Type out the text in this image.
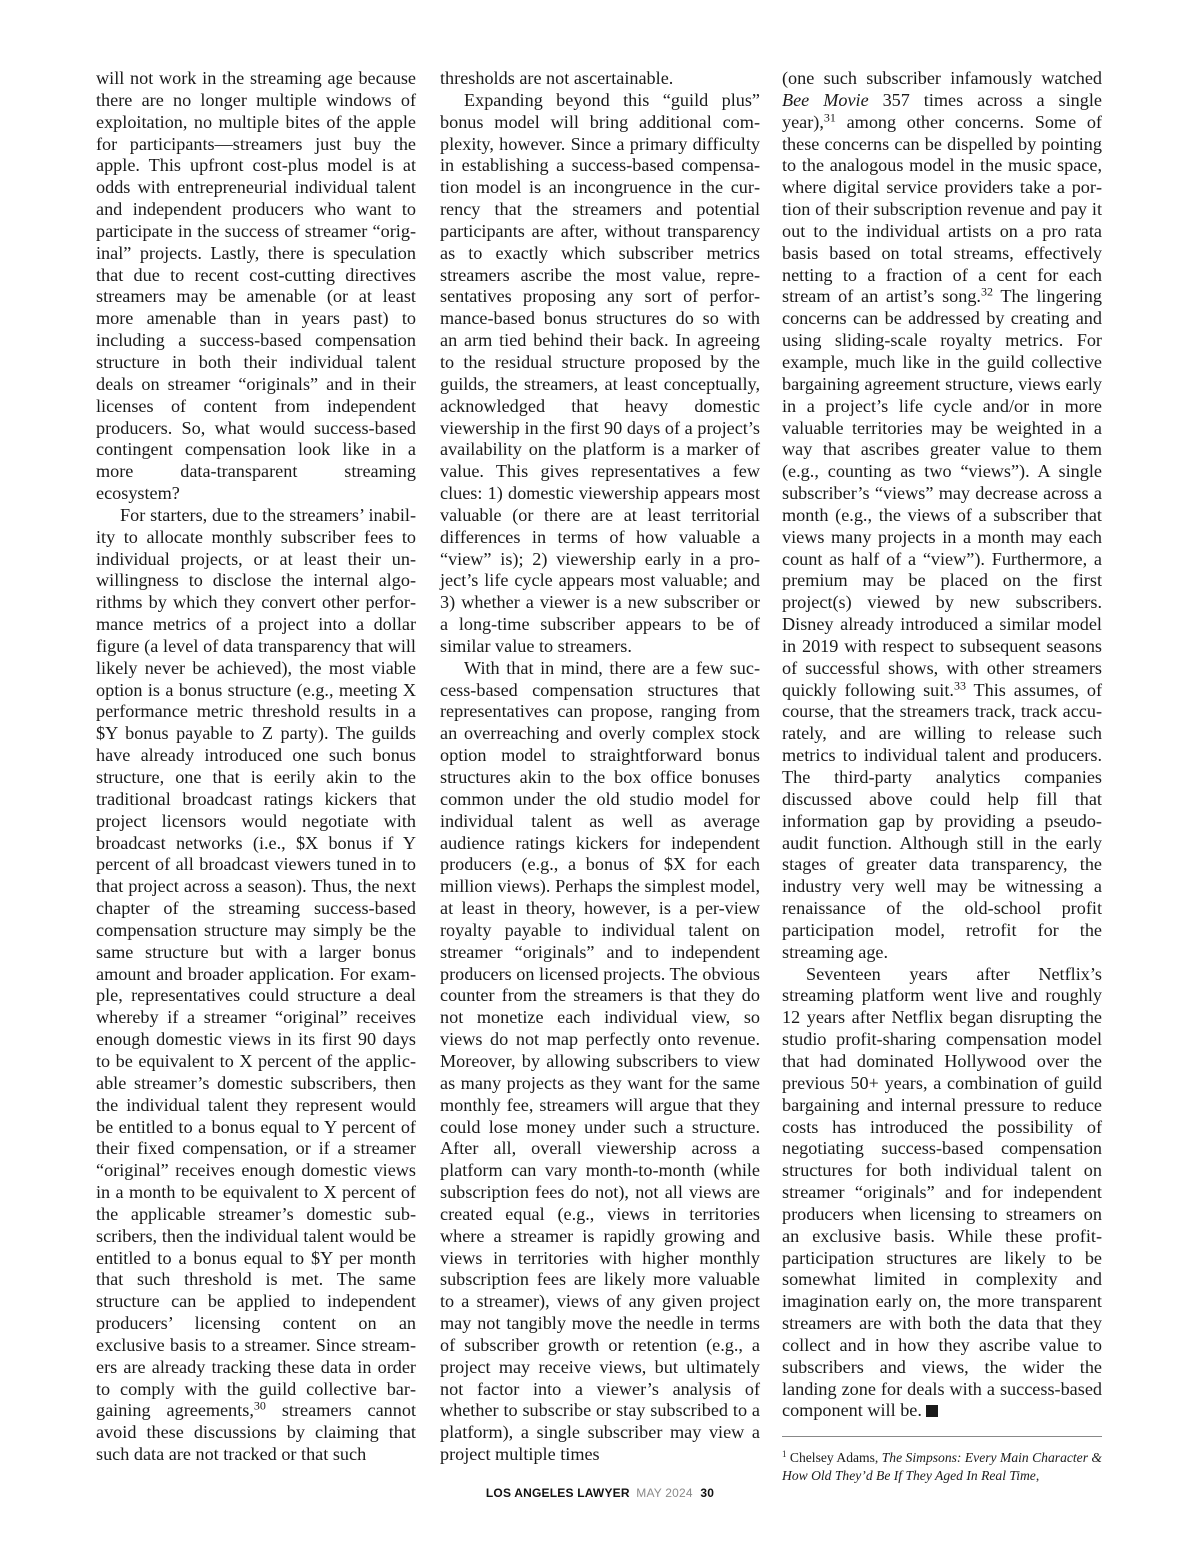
will not work in the streaming age because there are no longer multiple windows of exploitation, no multiple bites of the apple for participants—streamers just buy the apple. This upfront cost-plus model is at odds with entrepreneurial individual talent and independent producers who want to participate in the success of streamer “original” projects. Lastly, there is speculation that due to recent cost-cutting directives streamers may be amenable (or at least more amenable than in years past) to including a success-based compensation structure in both their individual talent deals on streamer “originals” and in their licenses of content from independent producers. So, what would success-based contingent compensation look like in a more data-transparent streaming ecosystem?

For starters, due to the streamers’ inability to allocate monthly subscriber fees to individual projects, or at least their unwillingness to disclose the internal algorithms by which they convert other performance metrics of a project into a dollar figure (a level of data transparency that will likely never be achieved), the most viable option is a bonus structure (e.g., meeting X performance metric threshold results in a $Y bonus payable to Z party). The guilds have already introduced one such bonus structure, one that is eerily akin to the traditional broadcast ratings kickers that project licensors would negotiate with broadcast networks (i.e., $X bonus if Y percent of all broadcast viewers tuned in to that project across a season). Thus, the next chapter of the streaming success-based compensation structure may simply be the same structure but with a larger bonus amount and broader application. For example, representatives could structure a deal whereby if a streamer “original” receives enough domestic views in its first 90 days to be equivalent to X percent of the applicable streamer’s domestic subscribers, then the individual talent they represent would be entitled to a bonus equal to Y percent of their fixed compensation, or if a streamer “original” receives enough domestic views in a month to be equivalent to X percent of the applicable streamer’s domestic subscribers, then the individual talent would be entitled to a bonus equal to $Y per month that such threshold is met. The same structure can be applied to independent producers’ licensing content on an exclusive basis to a streamer. Since streamers are already tracking these data in order to comply with the guild collective bargaining agreements,$^{30}$ streamers cannot avoid these discussions by claiming that such data are not tracked or that such

thresholds are not ascertainable.

Expanding beyond this “guild plus” bonus model will bring additional complexity, however. Since a primary difficulty in establishing a success-based compensation model is an incongruence in the currency that the streamers and potential participants are after, without transparency as to exactly which subscriber metrics streamers ascribe the most value, representatives proposing any sort of performance-based bonus structures do so with an arm tied behind their back. In agreeing to the residual structure proposed by the guilds, the streamers, at least conceptually, acknowledged that heavy domestic viewership in the first 90 days of a project’s availability on the platform is a marker of value. This gives representatives a few clues: 1) domestic viewership appears most valuable (or there are at least territorial differences in terms of how valuable a “view” is); 2) viewership early in a project’s life cycle appears most valuable; and 3) whether a viewer is a new subscriber or a long-time subscriber appears to be of similar value to streamers.

With that in mind, there are a few success-based compensation structures that representatives can propose, ranging from an overreaching and overly complex stock option model to straightforward bonus structures akin to the box office bonuses common under the old studio model for individual talent as well as average audience ratings kickers for independent producers (e.g., a bonus of $X for each million views). Perhaps the simplest model, at least in theory, however, is a per-view royalty payable to individual talent on streamer “originals” and to independent producers on licensed projects. The obvious counter from the streamers is that they do not monetize each individual view, so views do not map perfectly onto revenue. Moreover, by allowing subscribers to view as many projects as they want for the same monthly fee, streamers will argue that they could lose money under such a structure. After all, overall viewership across a platform can vary month-to-month (while subscription fees do not), not all views are created equal (e.g., views in territories where a streamer is rapidly growing and views in territories with higher monthly subscription fees are likely more valuable to a streamer), views of any given project may not tangibly move the needle in terms of subscriber growth or retention (e.g., a project may receive views, but ultimately not factor into a viewer’s analysis of whether to subscribe or stay subscribed to a platform), a single subscriber may view a project multiple times

(one such subscriber infamously watched Bee Movie 357 times across a single year),$^{31}$ among other concerns. Some of these concerns can be dispelled by pointing to the analogous model in the music space, where digital service providers take a portion of their subscription revenue and pay it out to the individual artists on a pro rata basis based on total streams, effectively netting to a fraction of a cent for each stream of an artist’s song.$^{32}$ The lingering concerns can be addressed by creating and using sliding-scale royalty metrics. For example, much like in the guild collective bargaining agreement structure, views early in a project’s life cycle and/or in more valuable territories may be weighted in a way that ascribes greater value to them (e.g., counting as two “views”). A single subscriber’s “views” may decrease across a month (e.g., the views of a subscriber that views many projects in a month may each count as half of a “view”). Furthermore, a premium may be placed on the first project(s) viewed by new subscribers. Disney already introduced a similar model in 2019 with respect to subsequent seasons of successful shows, with other streamers quickly following suit.$^{33}$ This assumes, of course, that the streamers track, track accurately, and are willing to release such metrics to individual talent and producers. The third-party analytics companies discussed above could help fill that information gap by providing a pseudo-audit function. Although still in the early stages of greater data transparency, the industry very well may be witnessing a renaissance of the old-school profit participation model, retrofit for the streaming age.

Seventeen years after Netflix’s streaming platform went live and roughly 12 years after Netflix began disrupting the studio profit-sharing compensation model that had dominated Hollywood over the previous 50+ years, a combination of guild bargaining and internal pressure to reduce costs has introduced the possibility of negotiating success-based compensation structures for both individual talent on streamer “originals” and for independent producers when licensing to streamers on an exclusive basis. While these profit-participation structures are likely to be somewhat limited in complexity and imagination early on, the more transparent streamers are with both the data that they collect and in how they ascribe value to subscribers and views, the wider the landing zone for deals with a success-based component will be.

$^1$ Chelsey Adams, The Simpsons: Every Main Character & How Old They’d Be If They Aged In Real Time,

LOS ANGELES LAWYER MAY 2024 30
